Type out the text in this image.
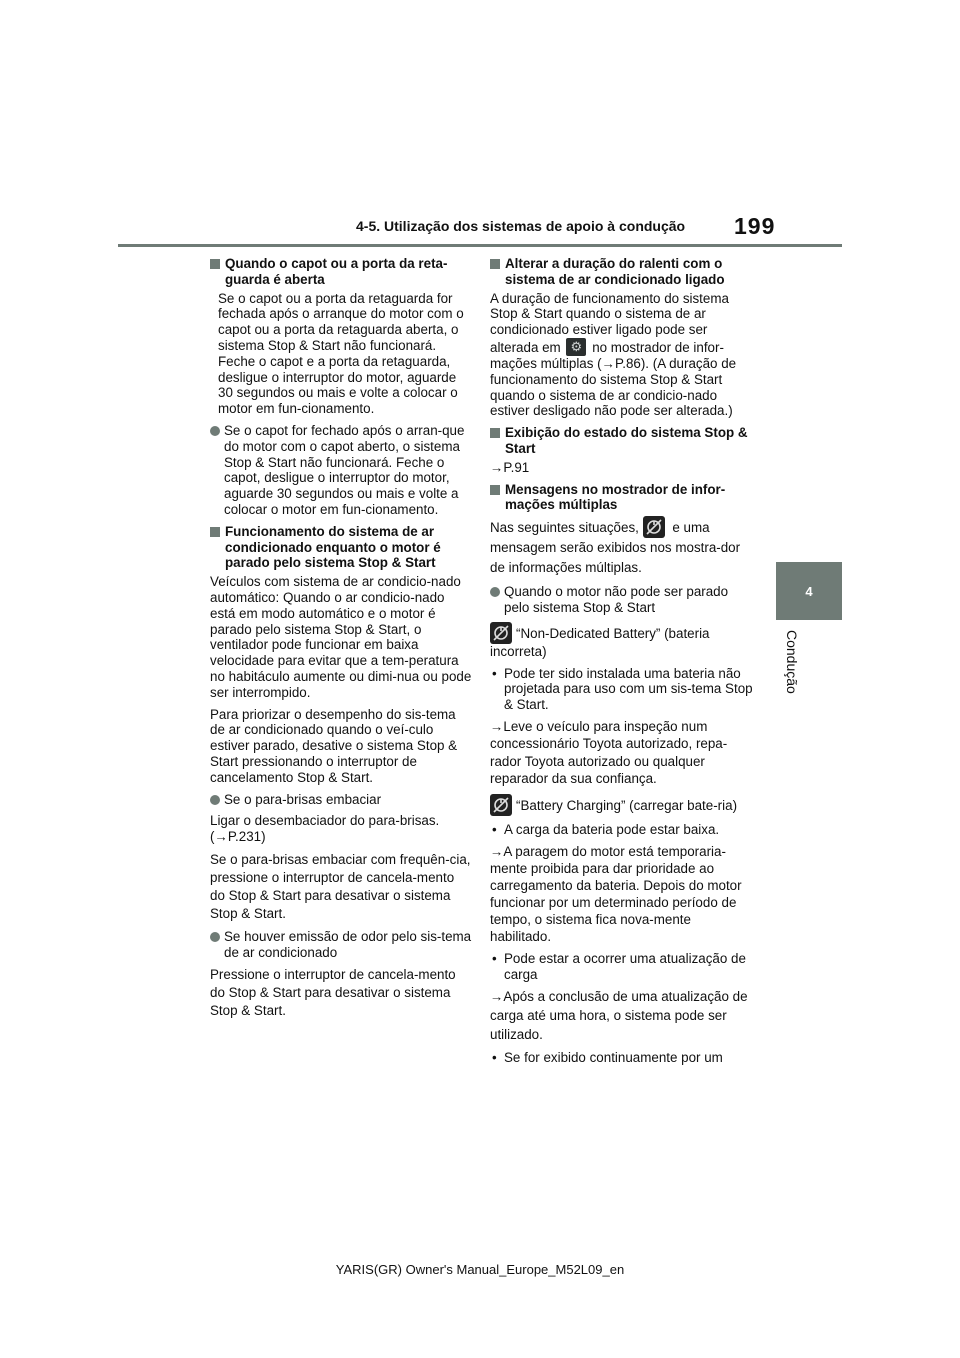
4-5. Utilização dos sistemas de apoio à condução 199
4
Condução
Quando o capot ou a porta da reta-guarda é aberta
Se o capot ou a porta da retaguarda for fechada após o arranque do motor com o capot ou a porta da retaguarda aberta, o sistema Stop & Start não funcionará. Feche o capot e a porta da retaguarda, desligue o interruptor do motor, aguarde 30 segundos ou mais e volte a colocar o motor em fun-cionamento.
Se o capot for fechado após o arran-que do motor com o capot aberto, o sistema Stop & Start não funcionará. Feche o capot, desligue o interruptor do motor, aguarde 30 segundos ou mais e volte a colocar o motor em fun-cionamento.
Funcionamento do sistema de ar condicionado enquanto o motor é parado pelo sistema Stop & Start
Veículos com sistema de ar condicio-nado automático: Quando o ar condicio-nado está em modo automático e o motor é parado pelo sistema Stop & Start, o ventilador pode funcionar em baixa velocidade para evitar que a tem-peratura no habitáculo aumente ou dimi-nua ou pode ser interrompido.
Para priorizar o desempenho do sis-tema de ar condicionado quando o veí-culo estiver parado, desative o sistema Stop & Start pressionando o interruptor de cancelamento Stop & Start.
Se o para-brisas embaciar
Ligar o desembaciador do para-brisas.
(→P.231)
Se o para-brisas embaciar com frequên-cia, pressione o interruptor de cancela-mento do Stop & Start para desativar o sistema Stop & Start.
Se houver emissão de odor pelo sis-tema de ar condicionado
Pressione o interruptor de cancela-mento do Stop & Start para desativar o sistema Stop & Start.
Alterar a duração do ralenti com o sistema de ar condicionado ligado
A duração de funcionamento do sistema Stop & Start quando o sistema de ar condicionado estiver ligado pode ser alterada em ⚙ no mostrador de infor-mações múltiplas (→P.86). (A duração de funcionamento do sistema Stop & Start quando o sistema de ar condicio-nado estiver desligado não pode ser alterada.)
Exibição do estado do sistema Stop & Start
→P.91
Mensagens no mostrador de infor-mações múltiplas
Nas seguintes situações, e uma mensagem serão exibidos nos mostra-dor de informações múltiplas.
Quando o motor não pode ser parado pelo sistema Stop & Start
“Non-Dedicated Battery” (bateria incorreta)
• Pode ter sido instalada uma bateria não projetada para uso com um sis-tema Stop & Start.
→Leve o veículo para inspeção num concessionário Toyota autorizado, repa-rador Toyota autorizado ou qualquer reparador da sua confiança.
“Battery Charging” (carregar bate-ria)
• A carga da bateria pode estar baixa.
→A paragem do motor está temporaria-mente proibida para dar prioridade ao carregamento da bateria. Depois do motor funcionar por um determinado período de tempo, o sistema fica nova-mente habilitado.
• Pode estar a ocorrer uma atualização de carga
→Após a conclusão de uma atualização de carga até uma hora, o sistema pode ser utilizado.
• Se for exibido continuamente por um
YARIS(GR) Owner's Manual_Europe_M52L09_en
